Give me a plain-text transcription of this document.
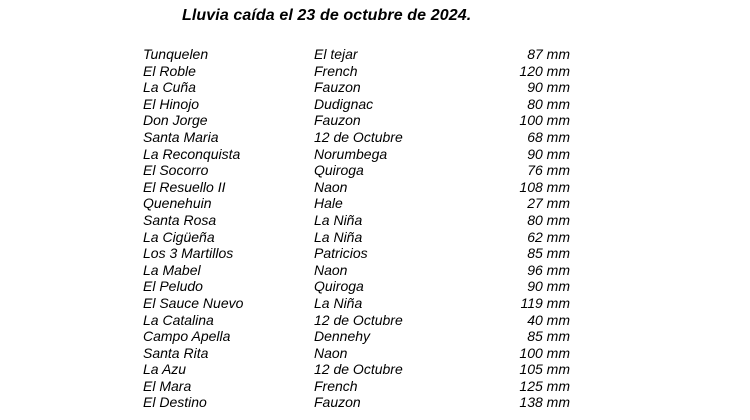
Lluvia caída el 23 de octubre de 2024.
Tunquelen	El tejar	87 mm
El Roble	French	120 mm
La Cuña	Fauzon	90 mm
El Hinojo	Dudignac	80 mm
Don Jorge	Fauzon	100 mm
Santa Maria	12 de Octubre	68 mm
La Reconquista	Norumbega	90 mm
El Socorro	Quiroga	76 mm
El Resuello II	Naon	108 mm
Quenehuin	Hale	27 mm
Santa Rosa	La Niña	80 mm
La Cigüeña	La Niña	62 mm
Los 3 Martillos	Patricios	85 mm
La Mabel	Naon	96 mm
El Peludo	Quiroga	90 mm
El Sauce Nuevo	La Niña	119 mm
La Catalina	12 de Octubre	40 mm
Campo Apella	Dennehy	85 mm
Santa Rita	Naon	100 mm
La Azu	12 de Octubre	105 mm
El Mara	French	125 mm
El Destino	Fauzon	138 mm
